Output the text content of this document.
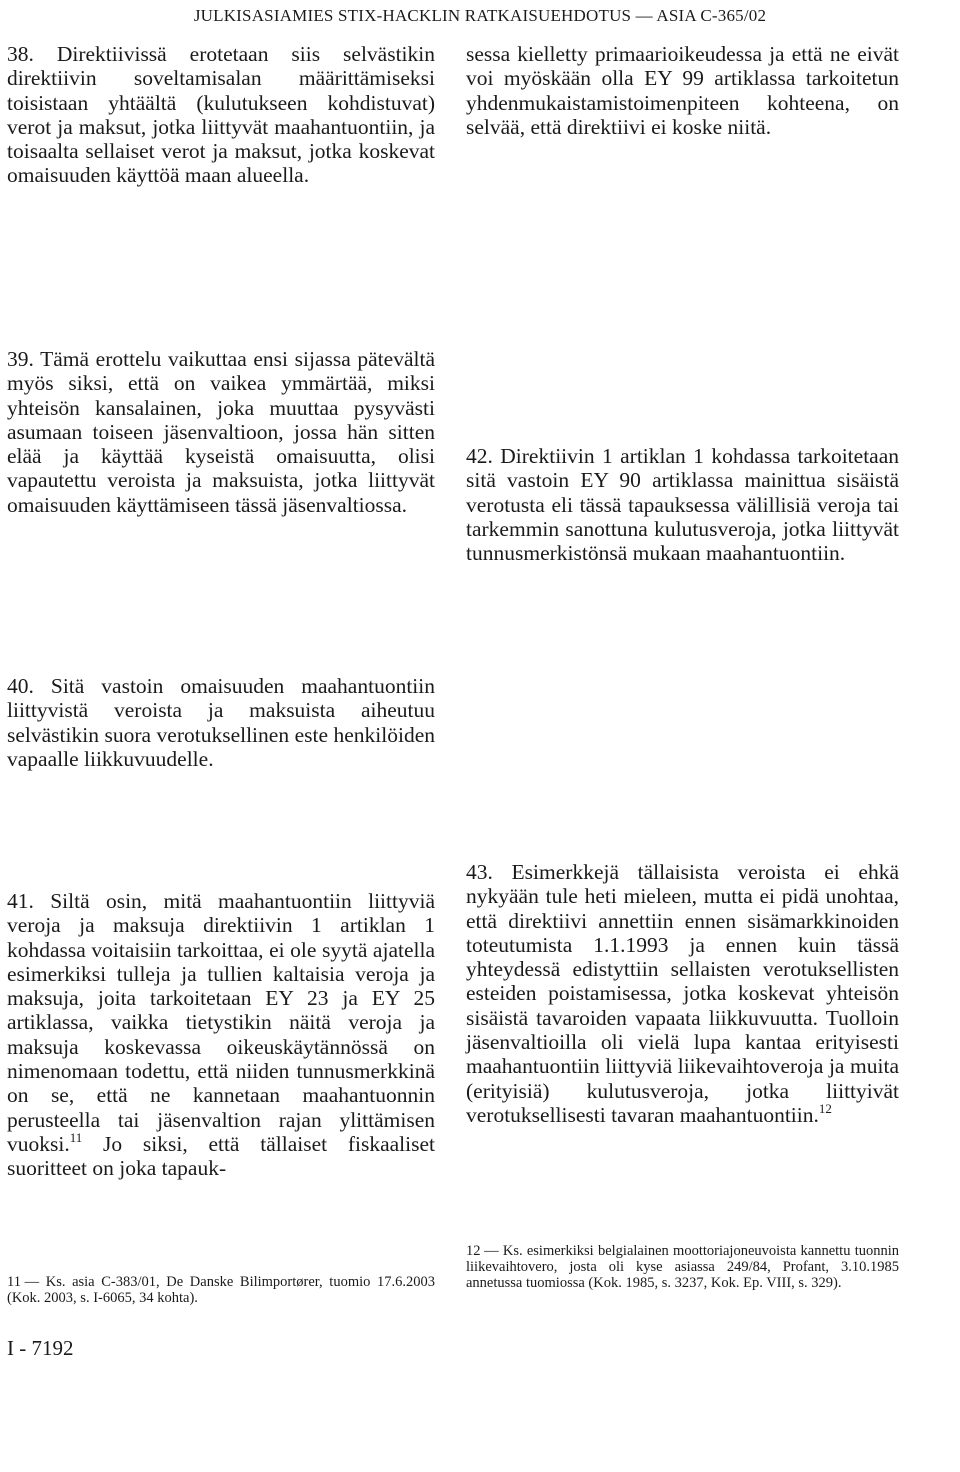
JULKISASIAMIES STIX-HACKLIN RATKAISUEHDOTUS — ASIA C-365/02
38. Direktiivissä erotetaan siis selvästikin direktiivin soveltamisalan määrittämiseksi toisistaan yhtäältä (kulutukseen kohdistuvat) verot ja maksut, jotka liittyvät maahantuontiin, ja toisaalta sellaiset verot ja maksut, jotka koskevat omaisuuden käyttöä maan alueella.
sessa kielletty primaarioikeudessa ja että ne eivät voi myöskään olla EY 99 artiklassa tarkoitetun yhdenmukaistamistoimenpiteen kohteena, on selvää, että direktiivi ei koske niitä.
39. Tämä erottelu vaikuttaa ensi sijassa pätevältä myös siksi, että on vaikea ymmärtää, miksi yhteisön kansalainen, joka muuttaa pysyvästi asumaan toiseen jäsenvaltioon, jossa hän sitten elää ja käyttää kyseistä omaisuutta, olisi vapautettu veroista ja maksuista, jotka liittyvät omaisuuden käyttämiseen tässä jäsenvaltiossa.
42. Direktiivin 1 artiklan 1 kohdassa tarkoitetaan sitä vastoin EY 90 artiklassa mainittua sisäistä verotusta eli tässä tapauksessa välillisiä veroja tai tarkemmin sanottuna kulutusveroja, jotka liittyvät tunnusmerkistönsä mukaan maahantuontiin.
40. Sitä vastoin omaisuuden maahantuontiin liittyvistä veroista ja maksuista aiheutuu selvästikin suora verotuksellinen este henkilöiden vapaalle liikkuvuudelle.
41. Siltä osin, mitä maahantuontiin liittyviä veroja ja maksuja direktiivin 1 artiklan 1 kohdassa voitaisiin tarkoittaa, ei ole syytä ajatella esimerkiksi tulleja ja tullien kaltaisia veroja ja maksuja, joita tarkoitetaan EY 23 ja EY 25 artiklassa, vaikka tietystikin näitä veroja ja maksuja koskevassa oikeuskäytännössä on nimenomaan todettu, että niiden tunnusmerkkinä on se, että ne kannetaan maahantuonnin perusteella tai jäsenvaltion rajan ylittämisen vuoksi.$^{11}$ Jo siksi, että tällaiset fiskaaliset suoritteet on joka tapauk-
43. Esimerkkejä tällaisista veroista ei ehkä nykyään tule heti mieleen, mutta ei pidä unohtaa, että direktiivi annettiin ennen sisämarkkinoiden toteutumista 1.1.1993 ja ennen kuin tässä yhteydessä edistyttiin sellaisten verotuksellisten esteiden poistamisessa, jotka koskevat yhteisön sisäistä tavaroiden vapaata liikkuvuutta. Tuolloin jäsenvaltioilla oli vielä lupa kantaa erityisesti maahantuontiin liittyviä liikevaihtoveroja ja muita (erityisiä) kulutusveroja, jotka liittyivät verotuksellisesti tavaran maahantuontiin.$^{12}$
11 — Ks. asia C-383/01, De Danske Bilimportører, tuomio 17.6.2003 (Kok. 2003, s. I-6065, 34 kohta).
12 — Ks. esimerkiksi belgialainen moottoriajoneuvoista kannettu tuonnin liikevaihtovero, josta oli kyse asiassa 249/84, Profant, 3.10.1985 annetussa tuomiossa (Kok. 1985, s. 3237, Kok. Ep. VIII, s. 329).
I - 7192
